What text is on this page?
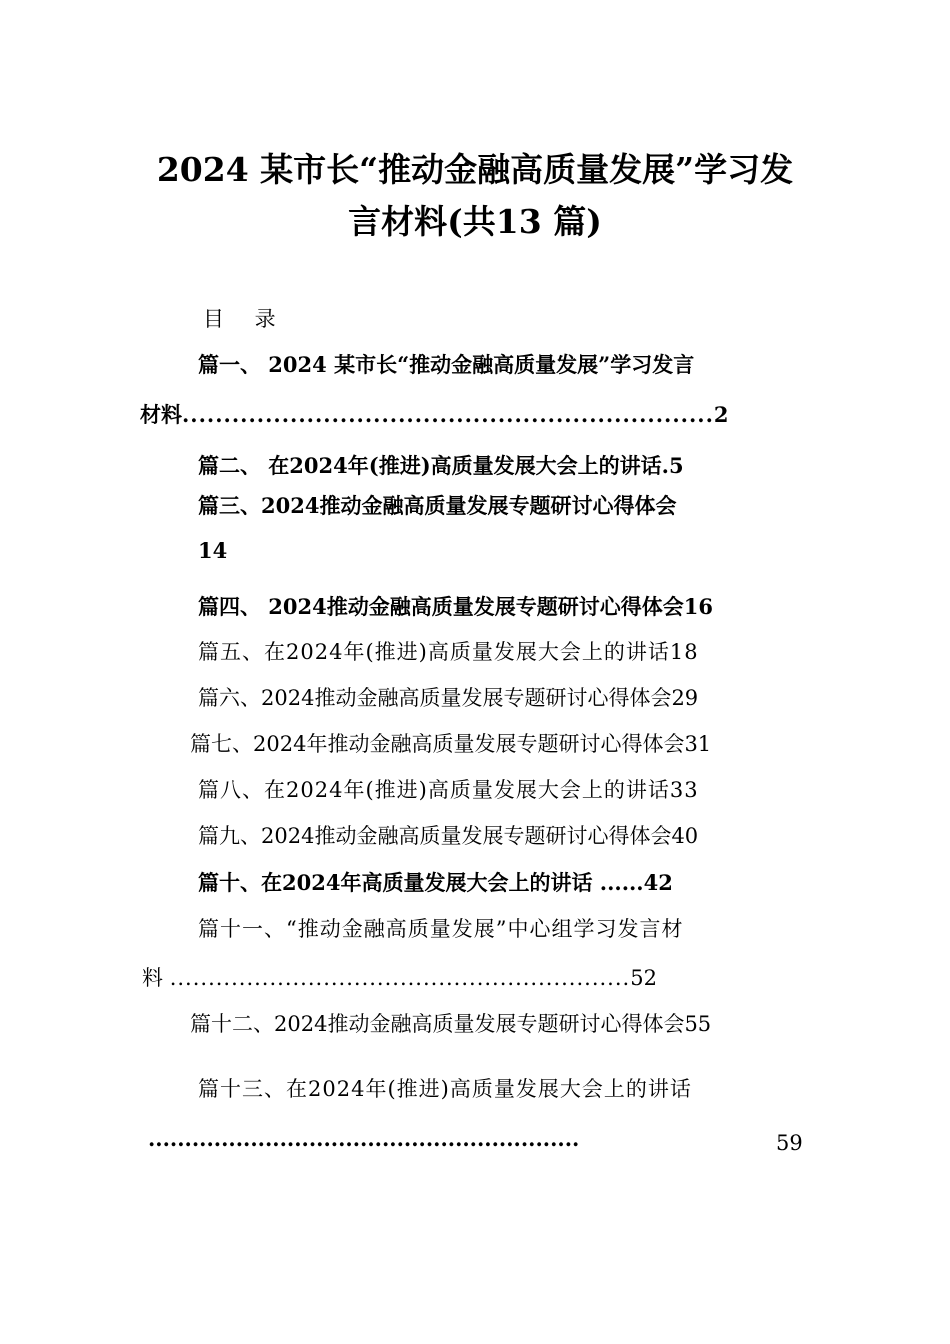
2024 某市长“推动金融高质量发展”学习发
言材料(共13 篇)
目 录
篇一、 2024 某市长“推动金融高质量发展”学习发言
材料................................................................2
篇二、 在2024年(推进)高质量发展大会上的讲话.5
篇三、2024推动金融高质量发展专题研讨心得体会
14
篇四、 2024推动金融高质量发展专题研讨心得体会16
篇五、在2024年(推进)高质量发展大会上的讲话18
篇六、2024推动金融高质量发展专题研讨心得体会29
篇七、2024年推动金融高质量发展专题研讨心得体会31
篇八、在2024年(推进)高质量发展大会上的讲话33
篇九、2024推动金融高质量发展专题研讨心得体会40
篇十、在2024年高质量发展大会上的讲话 ......42
篇十一、“推动金融高质量发展”中心组学习发言材
料 ............................................................52
篇十二、2024推动金融高质量发展专题研讨心得体会55
篇十三、在2024年(推进)高质量发展大会上的讲话
...........................................................	59
